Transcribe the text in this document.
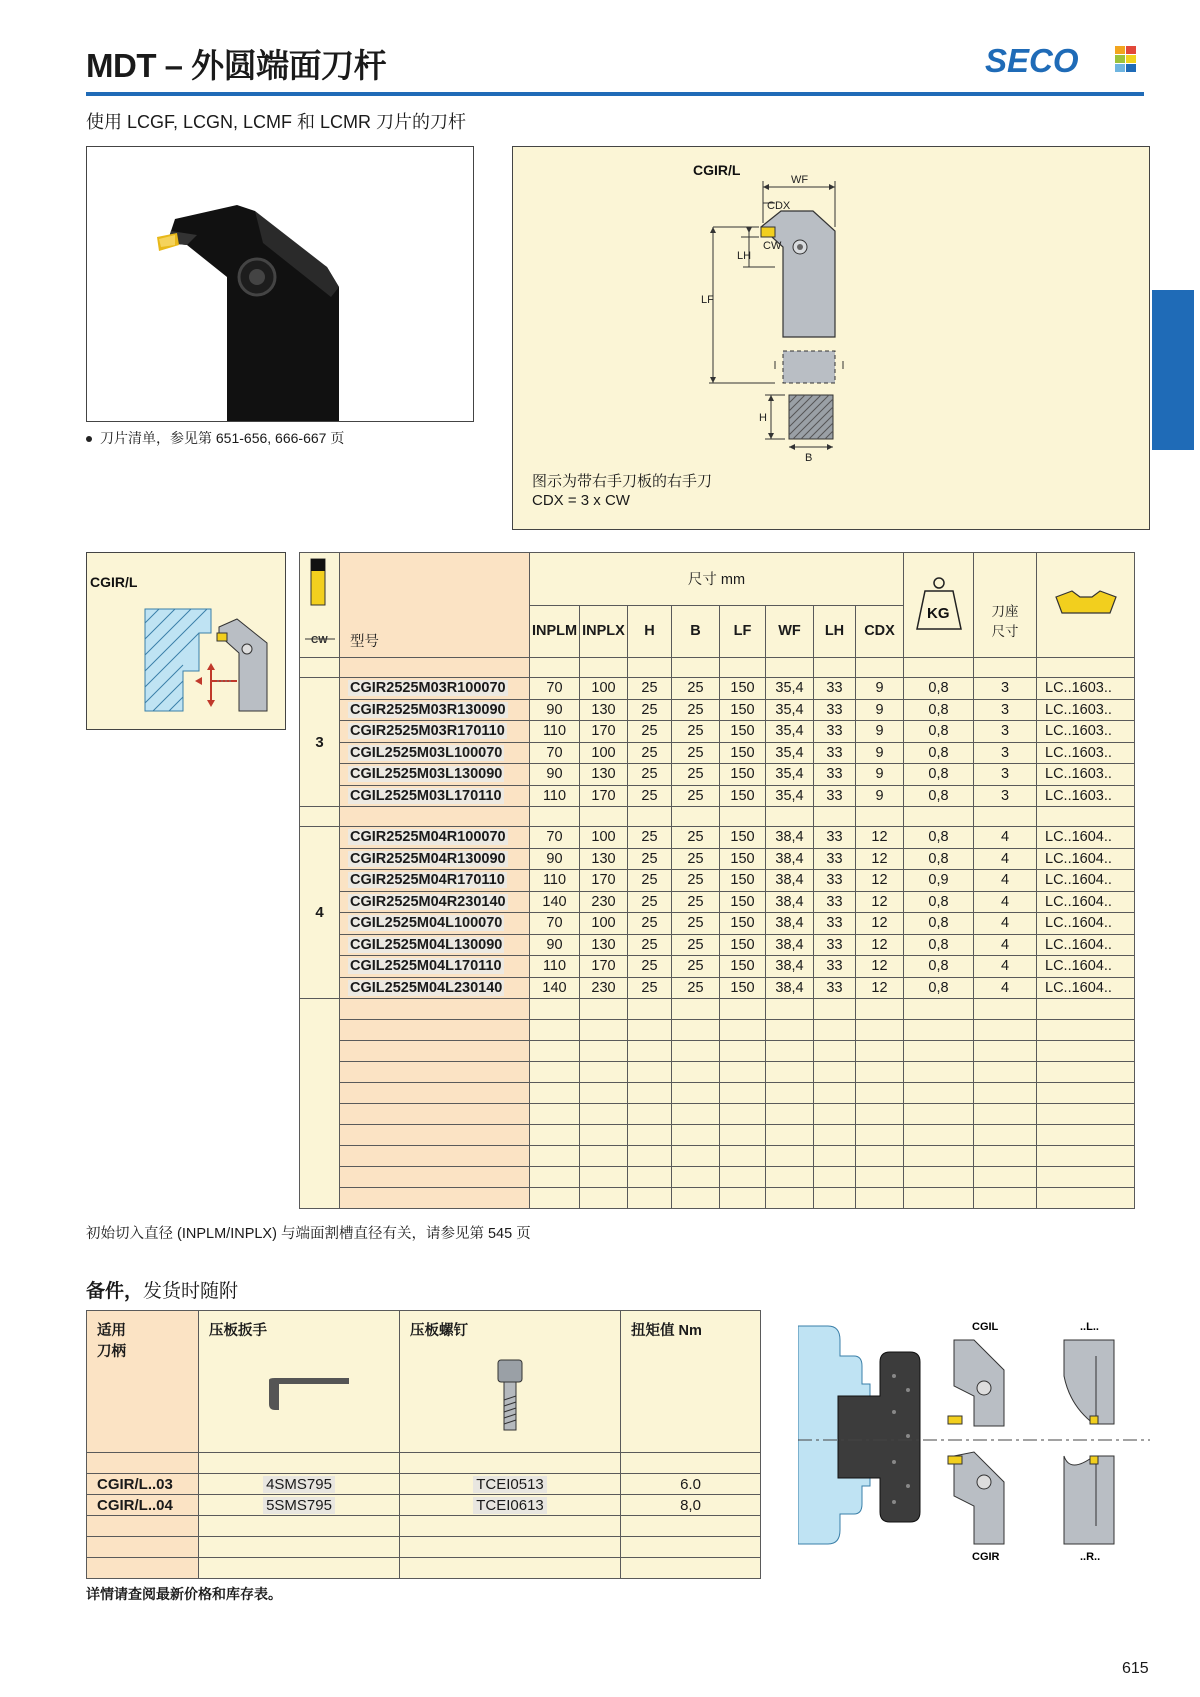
MDT – 外圆端面刀杆	SECO
使用 LCGF, LCGN, LCMF 和 LCMR 刀片的刀杆
刀片清单，参见第 651-656, 666-667 页
CGIR/L
WF
CDX
CW
LH
LF
H
B
图示为带右手刀板的右手刀
CDX = 3 x CW
CGIR/L
CW	型号	尺寸 mm								KG	刀座
尺寸

		INPLM	INPLX	H	B	LF	WF	LH	CDX			

3	CGIR2525M03R100070	70	100	25	25	150	35,4	33	9	0,8	3	LC..1603..

	CGIR2525M03R130090	90	130	25	25	150	35,4	33	9	0,8	3	LC..1603..

	CGIR2525M03R170110	110	170	25	25	150	35,4	33	9	0,8	3	LC..1603..

	CGIL2525M03L100070	70	100	25	25	150	35,4	33	9	0,8	3	LC..1603..

	CGIL2525M03L130090	90	130	25	25	150	35,4	33	9	0,8	3	LC..1603..

	CGIL2525M03L170110	110	170	25	25	150	35,4	33	9	0,8	3	LC..1603..

4	CGIR2525M04R100070	70	100	25	25	150	38,4	33	12	0,8	4	LC..1604..

	CGIR2525M04R130090	90	130	25	25	150	38,4	33	12	0,8	4	LC..1604..

	CGIR2525M04R170110	110	170	25	25	150	38,4	33	12	0,9	4	LC..1604..

	CGIR2525M04R230140	140	230	25	25	150	38,4	33	12	0,8	4	LC..1604..

	CGIL2525M04L100070	70	100	25	25	150	38,4	33	12	0,8	4	LC..1604..

	CGIL2525M04L130090	90	130	25	25	150	38,4	33	12	0,8	4	LC..1604..

	CGIL2525M04L170110	110	170	25	25	150	38,4	33	12	0,8	4	LC..1604..

	CGIL2525M04L230140	140	230	25	25	150	38,4	33	12	0,8	4	LC..1604..

初始切入直径 (INPLM/INPLX) 与端面割槽直径有关，请参见第 545 页
备件，发货时随附
适用
刀柄	压板扳手	压板螺钉	扭矩值 Nm

CGIR/L..03	4SMS795	TCEI0513	6.0
CGIR/L..04	5SMS795	TCEI0613	8,0

详情请查阅最新价格和库存表。
CGIL
CGIR
..L..
..R..
615
